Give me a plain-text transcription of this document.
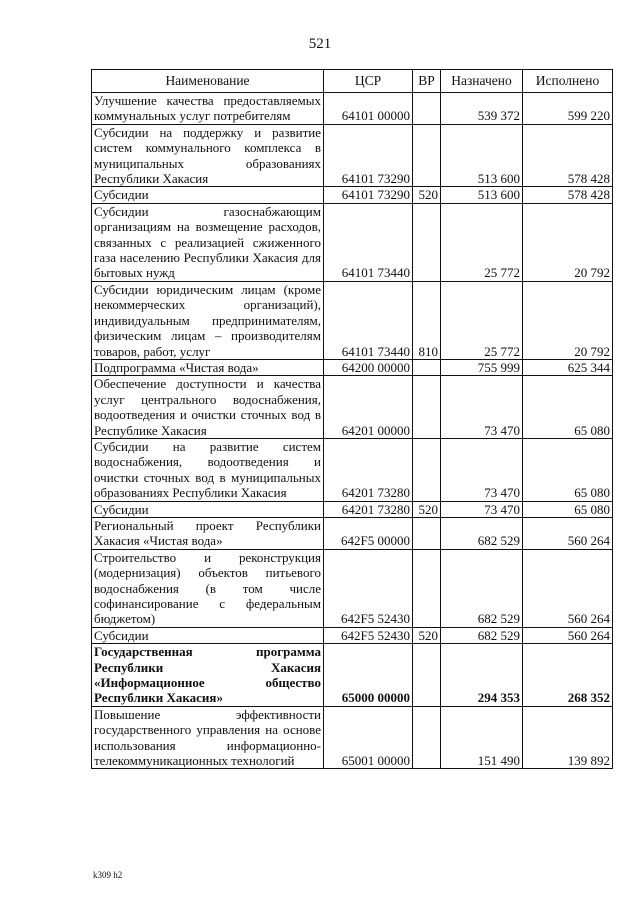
521
Наименование	ЦСР	ВР	Назначено	Исполнено
Улучшение качества предоставляемых коммунальных услуг потребителям	64101 00000		539 372	599 220
Субсидии на поддержку и развитие систем коммунального комплекса в муниципальных образованиях Республики Хакасия	64101 73290		513 600	578 428
Субсидии	64101 73290	520	513 600	578 428
Субсидии газоснабжающим организациям на возмещение расходов, связанных с реализацией сжиженного газа населению Республики Хакасия для бытовых нужд	64101 73440		25 772	20 792
Субсидии юридическим лицам (кроме некоммерческих организаций), индивидуальным предпринимателям, физическим лицам – производителям товаров, работ, услуг	64101 73440	810	25 772	20 792
Подпрограмма «Чистая вода»	64200 00000		755 999	625 344
Обеспечение доступности и качества услуг центрального водоснабжения, водоотведения и очистки сточных вод в Республике Хакасия	64201 00000		73 470	65 080
Субсидии на развитие систем водоснабжения, водоотведения и очистки сточных вод в муниципальных образованиях Республики Хакасия	64201 73280		73 470	65 080
Субсидии	64201 73280	520	73 470	65 080
Региональный проект Республики Хакасия «Чистая вода»	642F5 00000		682 529	560 264
Строительство и реконструкция (модернизация) объектов питьевого водоснабжения (в том числе софинансирование с федеральным бюджетом)	642F5 52430		682 529	560 264
Субсидии	642F5 52430	520	682 529	560 264
Государственная программа Республики Хакасия «Информационное общество Республики Хакасия»	65000 00000		294 353	268 352
Повышение эффективности государственного управления на основе использования информационно-телекоммуникационных технологий	65001 00000		151 490	139 892
k309 h2
